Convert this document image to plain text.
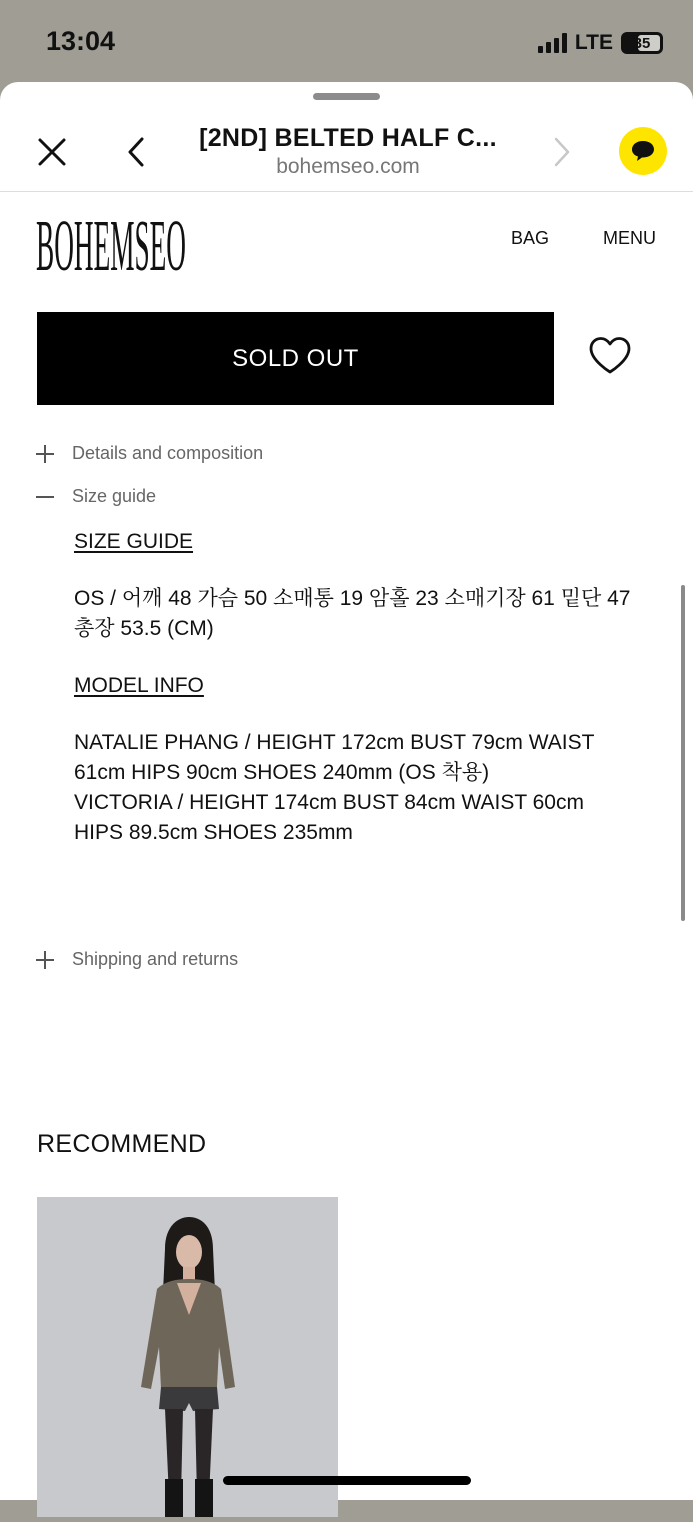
13:04	LTE 35
[2ND] BELTED HALF C...
bohemseo.com
BOHEMSEO	BAG	MENU
SOLD OUT
Details and composition
Size guide
SIZE GUIDE
OS / 어깨 48 가슴 50 소매통 19 암홀 23 소매기장 61 밑단 47 총장 53.5 (CM)
MODEL INFO
NATALIE PHANG / HEIGHT 172cm BUST 79cm WAIST 61cm HIPS 90cm SHOES 240mm (OS 착용)
VICTORIA / HEIGHT 174cm BUST 84cm WAIST 60cm HIPS 89.5cm SHOES 235mm
Shipping and returns
RECOMMEND
